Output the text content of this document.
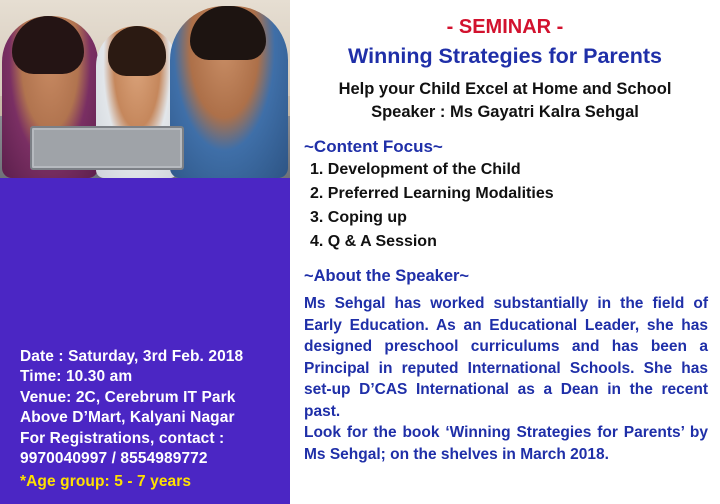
Date : Saturday, 3rd Feb. 2018
Time: 10.30 am
Venue: 2C, Cerebrum IT Park
Above D’Mart, Kalyani Nagar
For Registrations, contact :
9970040997 / 8554989772
*Age group: 5 - 7 years
- SEMINAR -
Winning Strategies for Parents
Help your Child Excel at Home and School
Speaker : Ms Gayatri Kalra Sehgal
~Content Focus~
1. Development of the Child
2. Preferred Learning Modalities
3. Coping up
4. Q & A Session
~About the Speaker~

Ms Sehgal has worked substantially in the field of Early Education. As an Educational Leader, she has designed preschool curriculums and has been a Principal in reputed International Schools. She has set-up D’CAS International as a Dean in the recent past.

Look for the book ‘Winning Strategies for Parents’ by Ms Sehgal; on the shelves in March 2018.
